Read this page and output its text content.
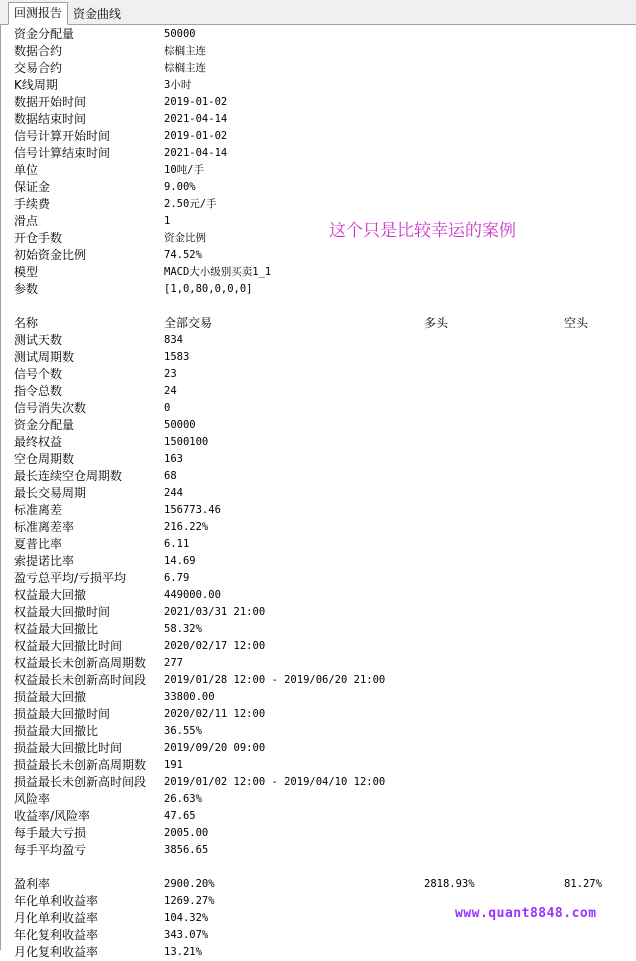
回测报告 资金曲线
资金分配量	50000
数据合约	棕榈主连
交易合约	棕榈主连
K线周期	3小时
数据开始时间	2019-01-02
数据结束时间	2021-04-14
信号计算开始时间	2019-01-02
信号计算结束时间	2021-04-14
单位	10吨/手
保证金	9.00%
手续费	2.50元/手
滑点	1
开仓手数	资金比例
初始资金比例	74.52%
模型	MACD大小级别买卖1_1
参数	[1,0,80,0,0,0]
名称	全部交易	多头	空头
测试天数	834
测试周期数	1583
信号个数	23
指令总数	24
信号消失次数	0
资金分配量	50000
最终权益	1500100
空仓周期数	163
最长连续空仓周期数	68
最长交易周期	244
标准离差	156773.46
标准离差率	216.22%
夏普比率	6.11
索提诺比率	14.69
盈亏总平均/亏损平均	6.79
权益最大回撤	449000.00
权益最大回撤时间	2021/03/31 21:00
权益最大回撤比	58.32%
权益最大回撤比时间	2020/02/17 12:00
权益最长未创新高周期数 277
权益最长未创新高时间段 2019/01/28 12:00 - 2019/06/20 21:00
损益最大回撤	33800.00
损益最大回撤时间	2020/02/11 12:00
损益最大回撤比	36.55%
损益最大回撤比时间	2019/09/20 09:00
损益最长未创新高周期数 191
损益最长未创新高时间段 2019/01/02 12:00 - 2019/04/10 12:00
风险率	26.63%
收益率/风险率	47.65
每手最大亏损	2005.00
每手平均盈亏	3856.65
盈利率	2900.20%	2818.93%	81.27%
年化单利收益率	1269.27%
月化单利收益率	104.32%
年化复利收益率	343.07%
月化复利收益率	13.21%
这个只是比较幸运的案例
www.quant8848.com
